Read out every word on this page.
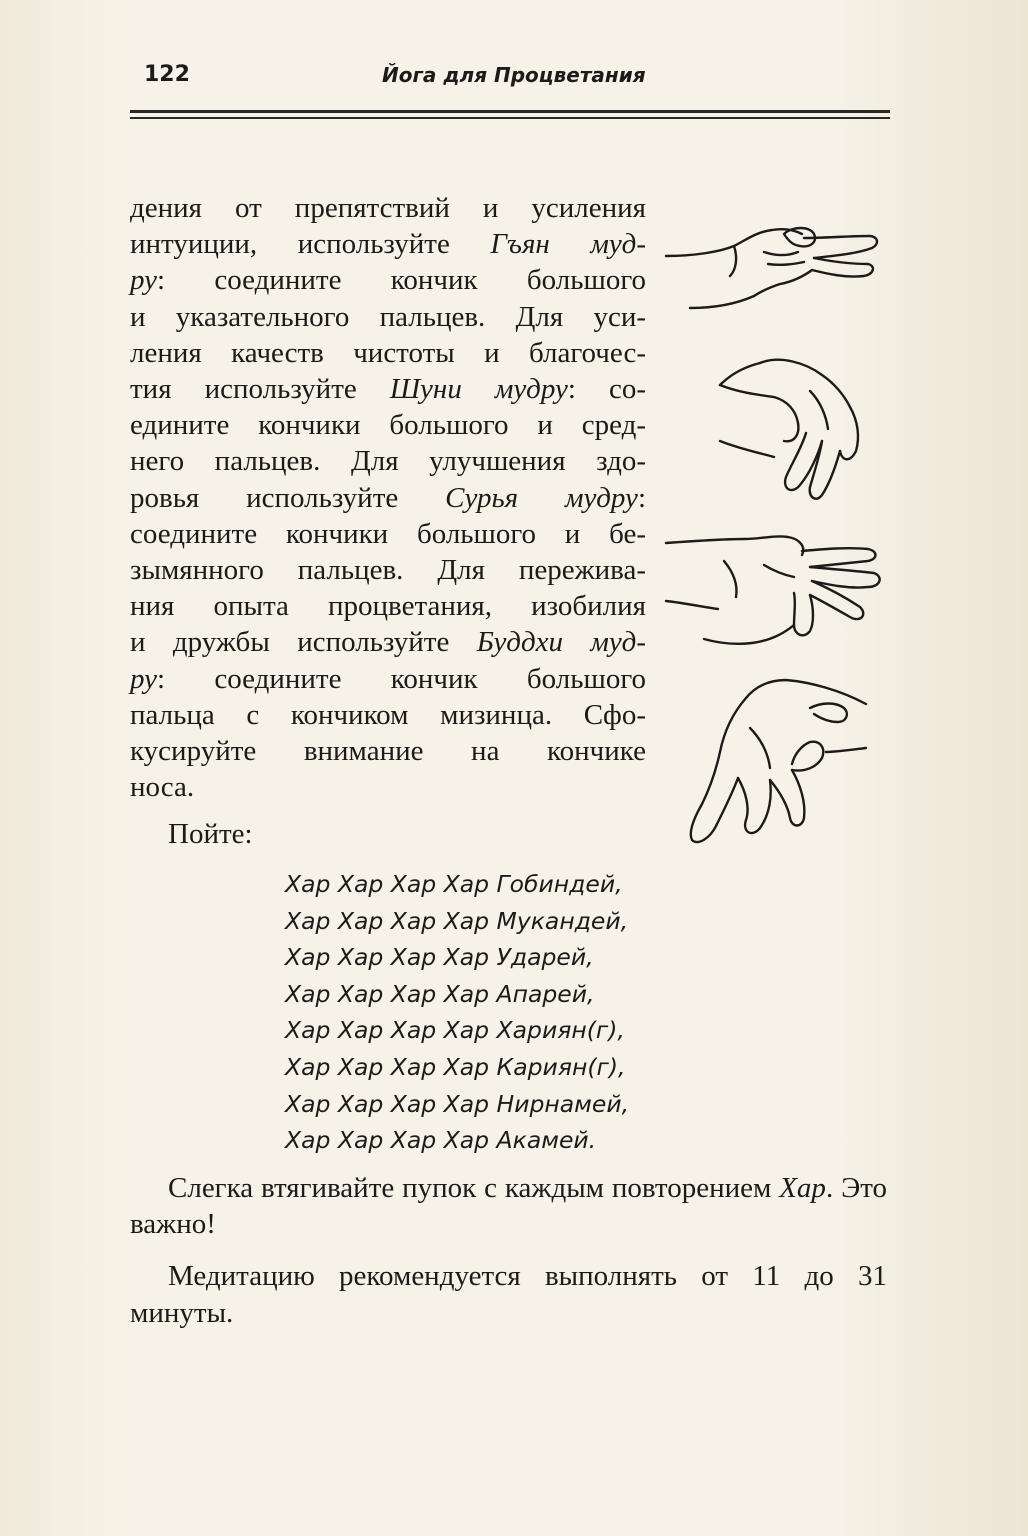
122	Йога для Процветания
дения от препятствий и усиления
интуиции, используйте Гъян муд-
ру: соедините кончик большого
и указательного пальцев. Для уси-
ления качеств чистоты и благочес-
тия используйте Шуни мудру: со-
едините кончики большого и сред-
него пальцев. Для улучшения здо-
ровья используйте Сурья мудру:
соедините кончики большого и бе-
зымянного пальцев. Для пережива-
ния опыта процветания, изобилия
и дружбы используйте Буддхи муд-
ру: соедините кончик большого
пальца с кончиком мизинца. Сфо-
кусируйте внимание на кончике
носа.
Пойте:
Хар Хар Хар Хар Гобиндей,
Хар Хар Хар Хар Мукандей,
Хар Хар Хар Хар Ударей,
Хар Хар Хар Хар Апарей,
Хар Хар Хар Хар Хариян(г),
Хар Хар Хар Хар Кариян(г),
Хар Хар Хар Хар Нирнамей,
Хар Хар Хар Хар Акамей.

Слегка втягивайте пупок с каждым повторением Хар. Это важно!

Медитацию рекомендуется выполнять от 11 до 31 минуты.
